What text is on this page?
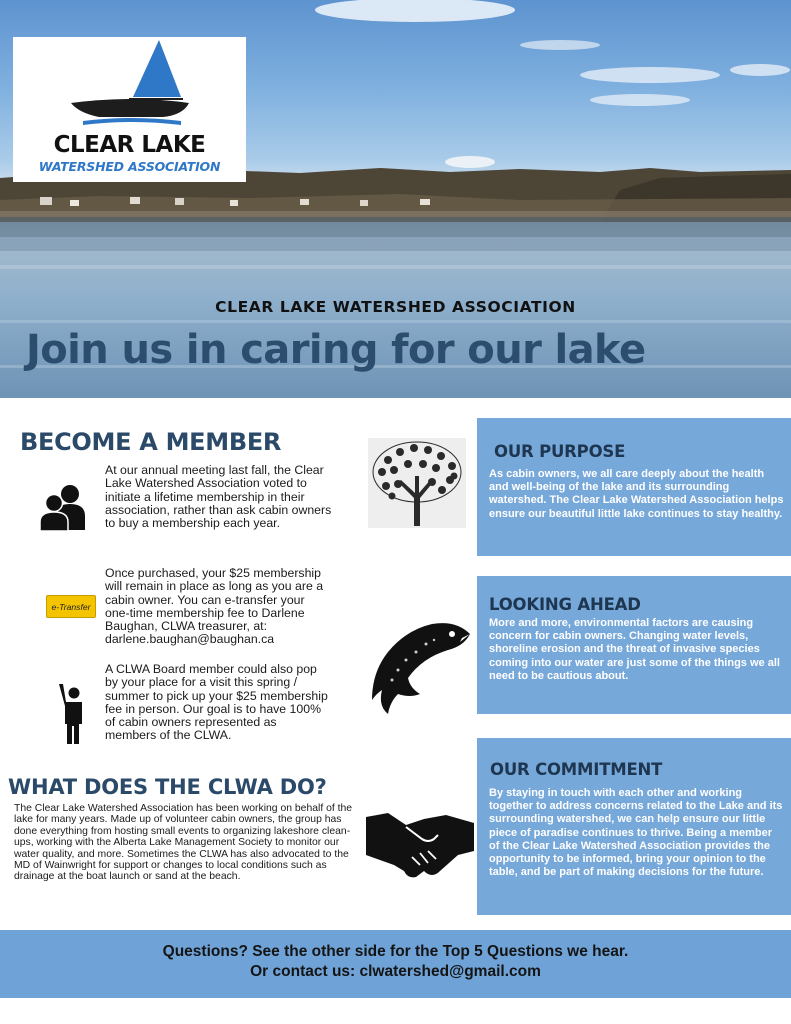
CLEAR LAKE
WATERSHED ASSOCIATION
CLEAR LAKE WATERSHED ASSOCIATION
Join us in caring for our lake
BECOME A MEMBER
At our annual meeting last fall, the Clear Lake Watershed Association voted to initiate a lifetime membership in their association, rather than ask cabin owners to buy a membership each year.
e-Transfer
Once purchased, your $25 membership will remain in place as long as you are a cabin owner. You can e-transfer your one-time membership fee to Darlene Baughan, CLWA treasurer, at: darlene.baughan@baughan.ca
A CLWA Board member could also pop by your place for a visit this spring / summer to pick up your $25 membership fee in person. Our goal is to have 100% of cabin owners represented as members of the CLWA.
WHAT DOES THE CLWA DO?
The Clear Lake Watershed Association has been working on behalf of the lake for many years. Made up of volunteer cabin owners, the group has done everything from hosting small events to organizing lakeshore clean-ups, working with the Alberta Lake Management Society to monitor our water quality, and more. Sometimes the CLWA has also advocated to the MD of Wainwright for support or changes to local conditions such as drainage at the boat launch or sand at the beach.
OUR PURPOSE

As cabin owners, we all care deeply about the health and well-being of the lake and its surrounding watershed. The Clear Lake Watershed Association helps ensure our beautiful little lake continues to stay healthy.

LOOKING AHEAD

More and more, environmental factors are causing concern for cabin owners. Changing water levels, shoreline erosion and the threat of invasive species coming into our water are just some of the things we all need to be cautious about.

OUR COMMITMENT

By staying in touch with each other and working together to address concerns related to the Lake and its surrounding watershed, we can help ensure our little piece of paradise continues to thrive. Being a member of the Clear Lake Watershed Association provides the opportunity to be informed, bring your opinion to the table, and be part of making decisions for the future.

Questions? See the other side for the Top 5 Questions we hear.
Or contact us: clwatershed@gmail.com
